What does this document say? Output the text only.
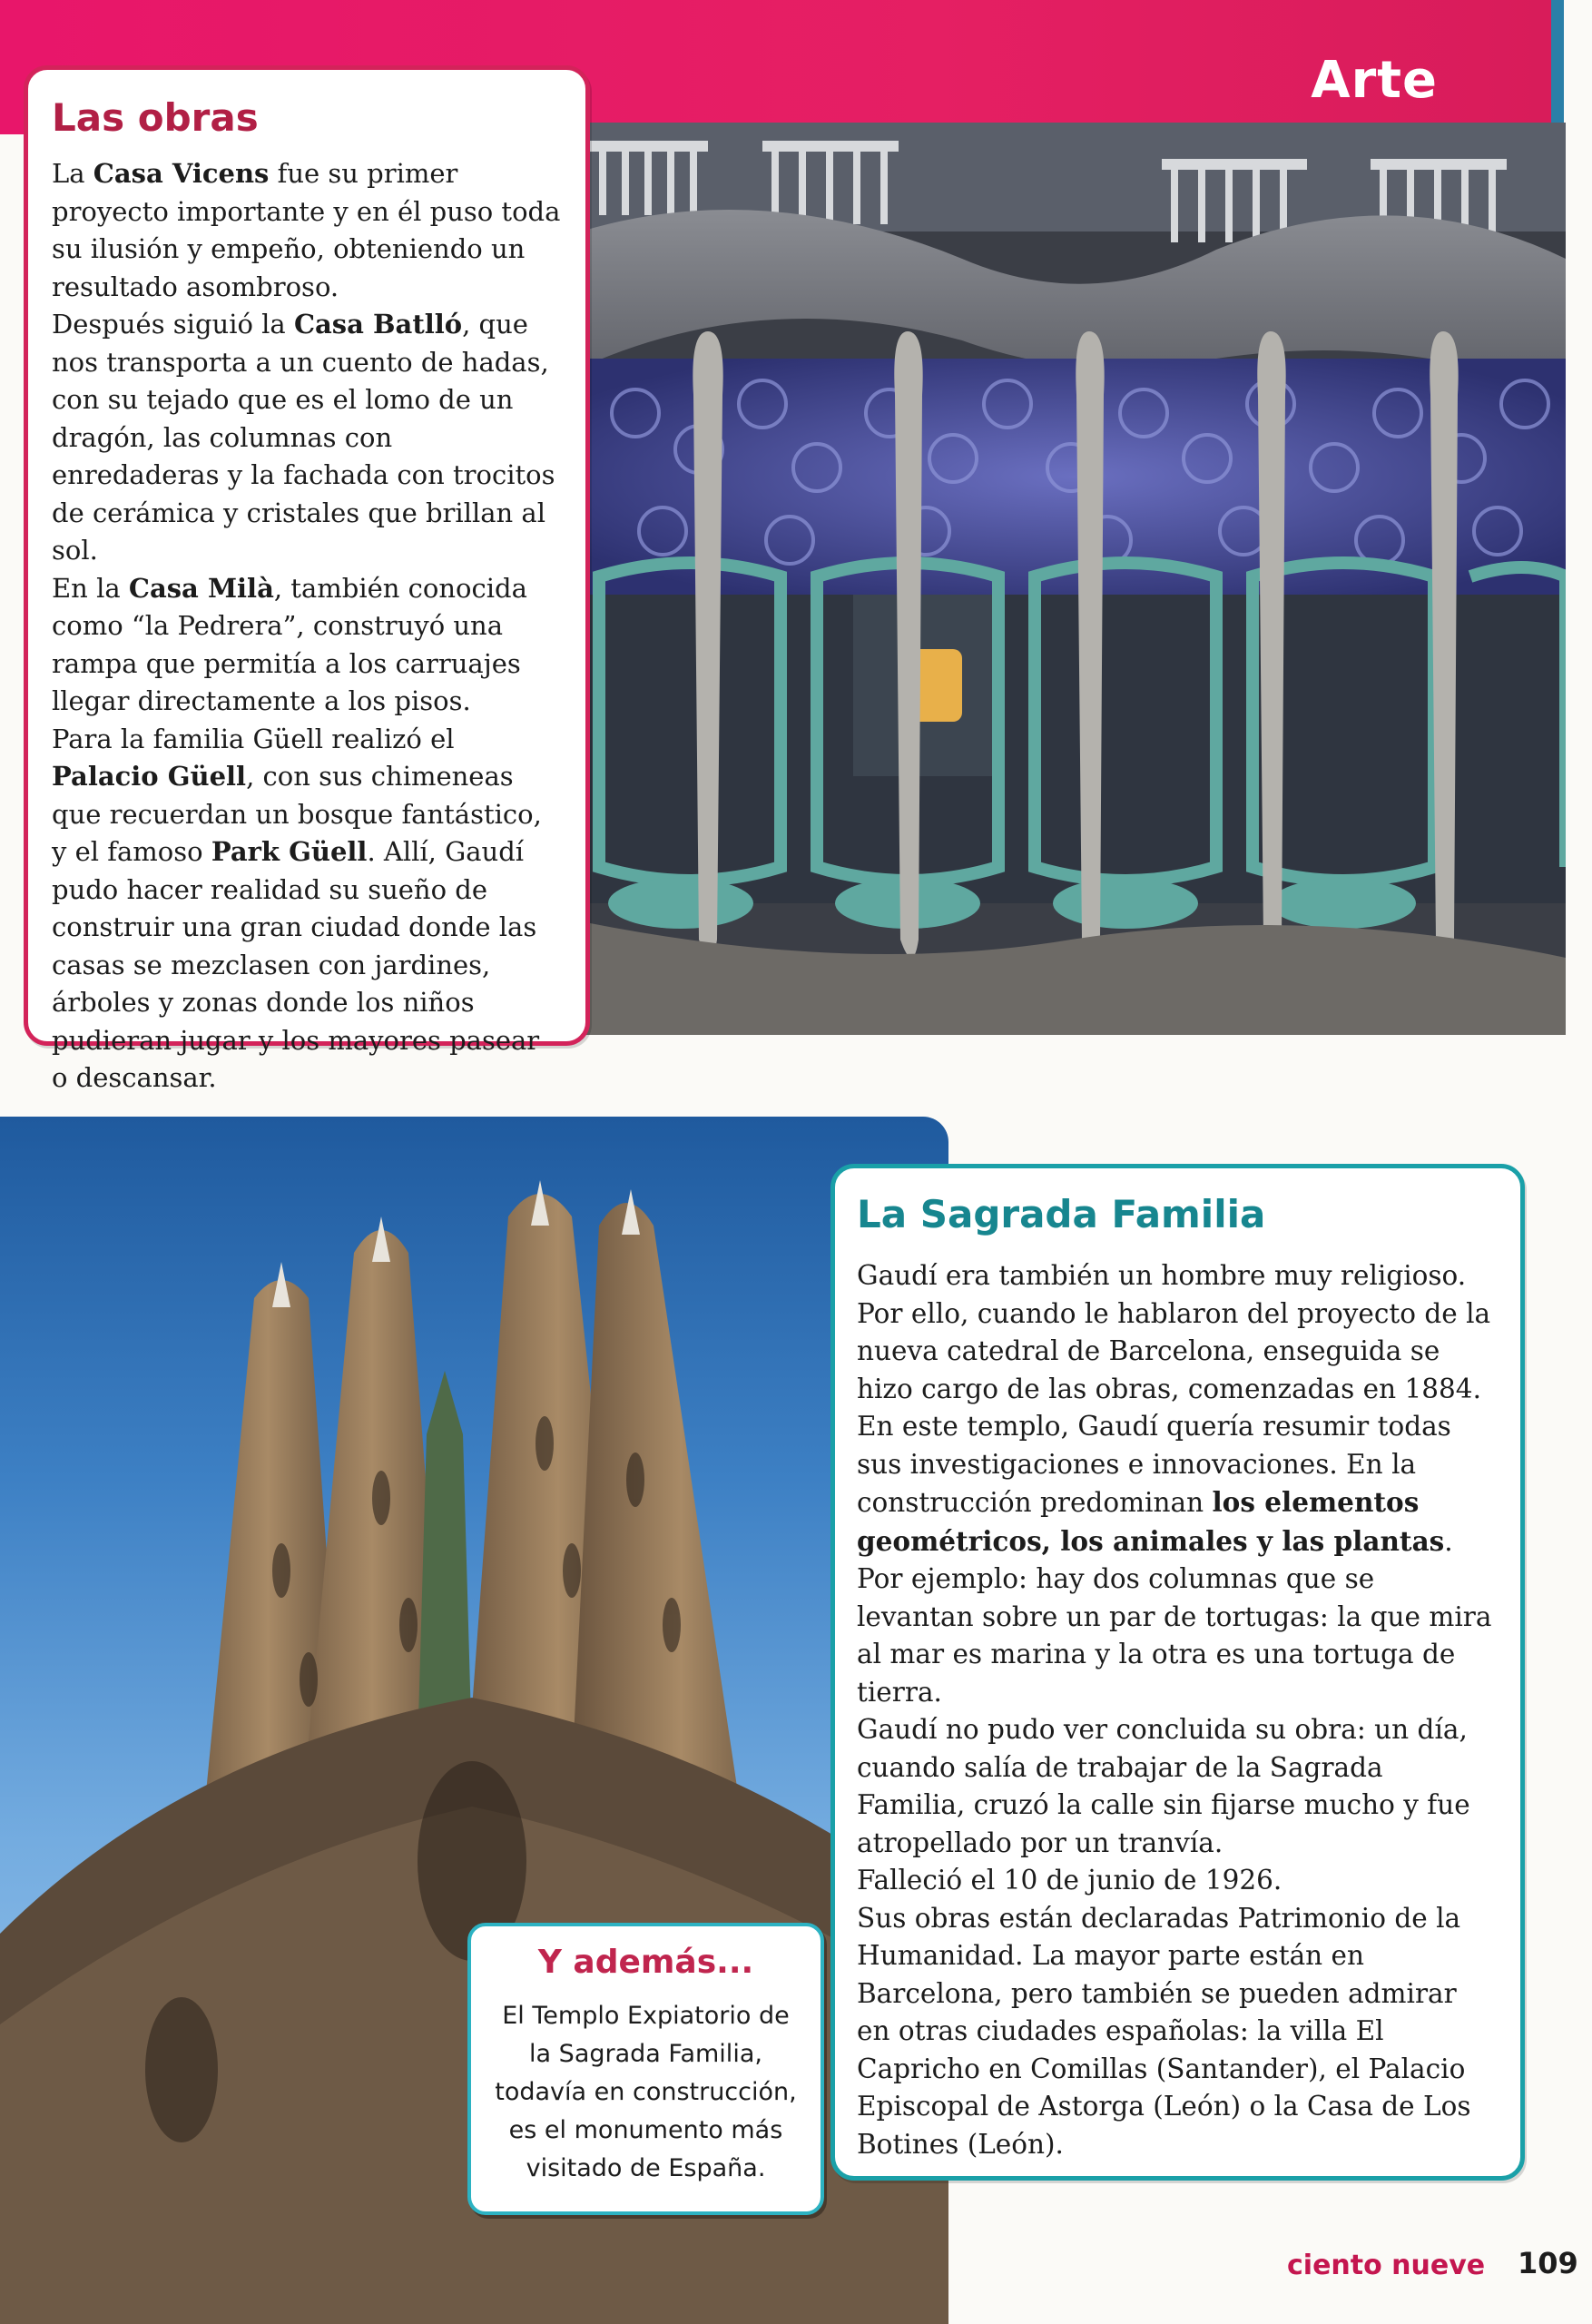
Arte
Las obras

La Casa Vicens fue su primer proyecto importante y en él puso toda su ilusión y empeño, obteniendo un resultado asombroso.

Después siguió la Casa Batlló, que nos transporta a un cuento de hadas, con su tejado que es el lomo de un dragón, las columnas con enredaderas y la fachada con trocitos de cerámica y cristales que brillan al sol.

En la Casa Milà, también conocida como “la Pedrera”, construyó una rampa que permitía a los carruajes llegar directamente a los pisos.

Para la familia Güell realizó el Palacio Güell, con sus chimeneas que recuerdan un bosque fantástico, y el famoso Park Güell. Allí, Gaudí pudo hacer realidad su sueño de construir una gran ciudad donde las casas se mezclasen con jardines, árboles y zonas donde los niños pudieran jugar y los mayores pasear o descansar.

La Sagrada Familia

Gaudí era también un hombre muy religioso. Por ello, cuando le hablaron del proyecto de la nueva catedral de Barcelona, enseguida se hizo cargo de las obras, comenzadas en 1884.

En este templo, Gaudí quería resumir todas sus investigaciones e innovaciones. En la construcción predominan los elementos geométricos, los animales y las plantas.

Por ejemplo: hay dos columnas que se levantan sobre un par de tortugas: la que mira al mar es marina y la otra es una tortuga de tierra.

Gaudí no pudo ver concluida su obra: un día, cuando salía de trabajar de la Sagrada Familia, cruzó la calle sin fijarse mucho y fue atropellado por un tranvía.

Falleció el 10 de junio de 1926.

Sus obras están declaradas Patrimonio de la Humanidad. La mayor parte están en Barcelona, pero también se pueden admirar en otras ciudades españolas: la villa El Capricho en Comillas (Santander), el Palacio Episcopal de Astorga (León) o la Casa de Los Botines (León).

Y además...
El Templo Expiatorio de la Sagrada Familia, todavía en construcción, es el monumento más visitado de España.
ciento nueve 109
